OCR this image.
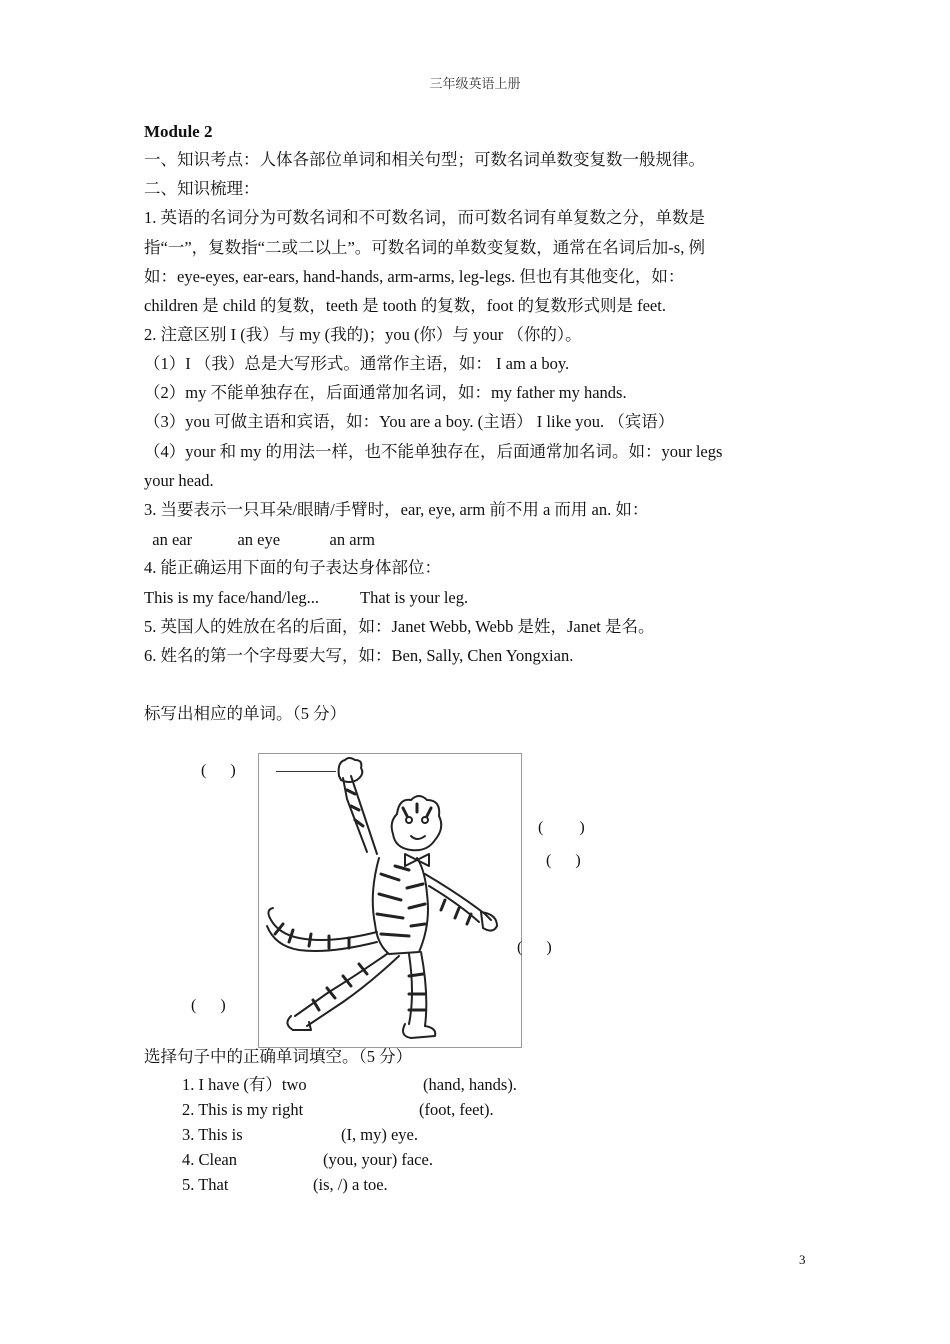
三年级英语上册
Module 2
一、知识考点：人体各部位单词和相关句型；可数名词单数变复数一般规律。
二、知识梳理：
1. 英语的名词分为可数名词和不可数名词，而可数名词有单复数之分，单数是
指“一”，复数指“二或二以上”。可数名词的单数变复数，通常在名词后加-s, 例
如：eye-eyes, ear-ears, hand-hands, arm-arms, leg-legs. 但也有其他变化，如：
children 是 child 的复数，teeth 是 tooth 的复数，foot 的复数形式则是 feet.
2. 注意区别 I (我）与 my (我的)；you (你）与 your （你的）。
（1）I （我）总是大写形式。通常作主语，如： I am a boy.
（2）my 不能单独存在，后面通常加名词，如：my father my hands.
（3）you 可做主语和宾语，如：You are a boy. (主语） I like you. （宾语）
（4）your 和 my 的用法一样，也不能单独存在，后面通常加名词。如：your legs
your head.
3. 当要表示一只耳朵/眼睛/手臂时，ear, eye, arm 前不用 a 而用 an. 如：
an ear           an eye            an arm
4. 能正确运用下面的句子表达身体部位：
This is my face/hand/leg...          That is your leg.
5. 英国人的姓放在名的后面，如：Janet Webb, Webb 是姓，Janet 是名。
6. 姓名的第一个字母要大写，如：Ben, Sally, Chen Yongxian.
标写出相应的单词。（5 分）
(      )
(         )
(      )
(      )
(      )
选择句子中的正确单词填空。（5 分）
1. I have (有）two	(hand, hands).
2. This is my right	(foot, feet).
3. This is	(I, my) eye.
4. Clean	(you, your) face.
5. That	(is, /) a toe.
3
